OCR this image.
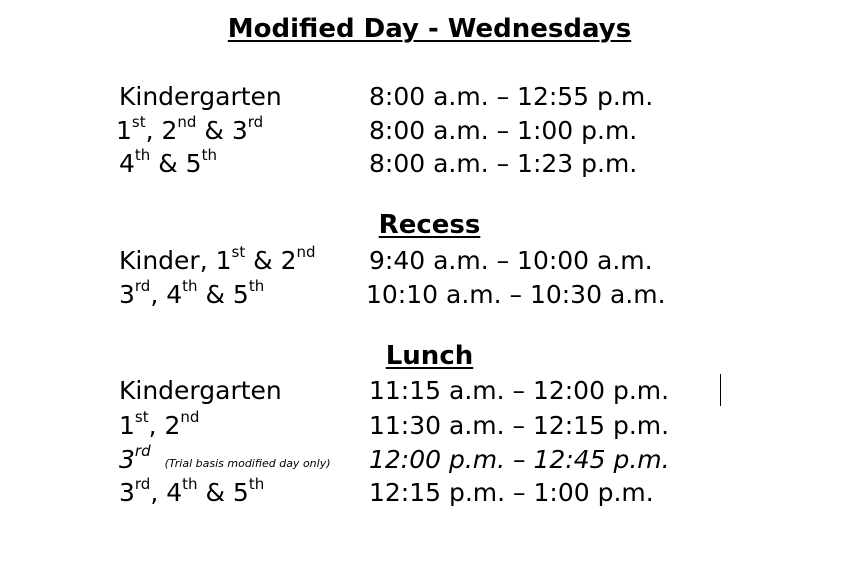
Modified Day - Wednesdays
Kindergarten	8:00 a.m. – 12:55 p.m.
1st, 2nd & 3rd	8:00 a.m. – 1:00 p.m.
4th & 5th	8:00 a.m. – 1:23 p.m.
Recess
Kinder, 1st & 2nd 9:40 a.m. – 10:00 a.m.
3rd, 4th & 5th	10:10 a.m. – 10:30 a.m.
Lunch
Kindergarten	11:15 a.m. – 12:00 p.m.
1st, 2nd	11:30 a.m. – 12:15 p.m.
3rd(Trial basis modified day only) 12:00 p.m. – 12:45 p.m.
3rd, 4th & 5th	12:15 p.m. – 1:00 p.m.
